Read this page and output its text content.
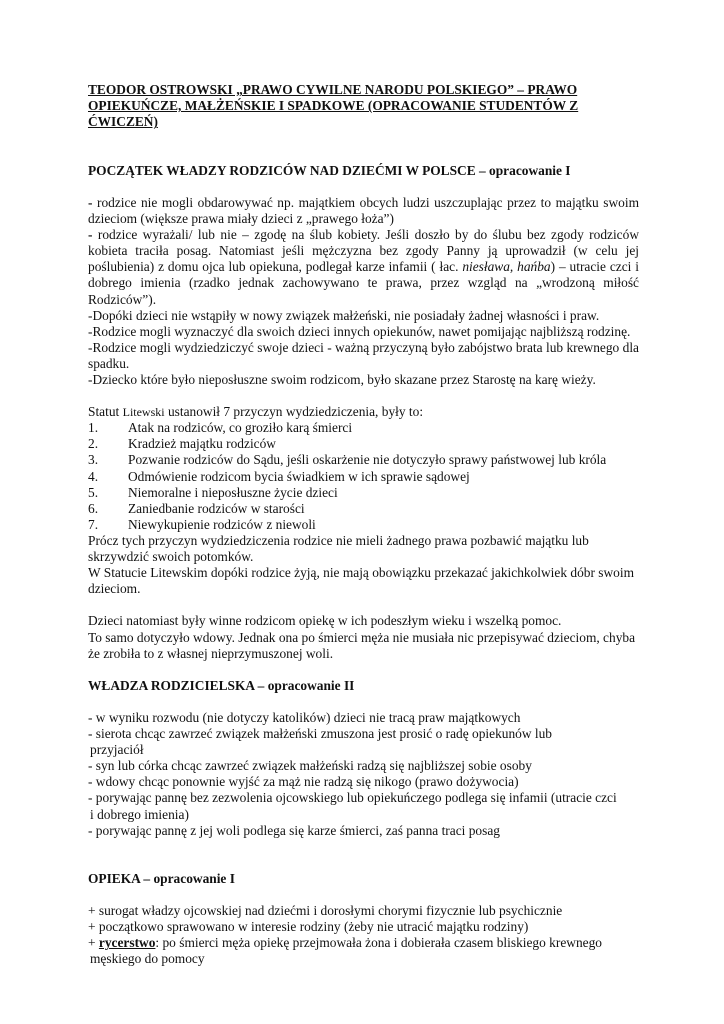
TEODOR OSTROWSKI „PRAWO CYWILNE NARODU POLSKIEGO” – PRAWO OPIEKUŃCZE, MAŁŻEŃSKIE I SPADKOWE (OPRACOWANIE STUDENTÓW Z ĆWICZEŃ)

POCZĄTEK WŁADZY RODZICÓW NAD DZIEĆMI W POLSCE – opracowanie I

- rodzice nie mogli obdarowywać np. majątkiem obcych ludzi uszczuplając przez to majątku swoim dzieciom (większe prawa miały dzieci z „prawego łoża”)

- rodzice wyrażali/ lub nie – zgodę na ślub kobiety. Jeśli doszło by do ślubu bez zgody rodziców kobieta traciła posag. Natomiast jeśli mężczyzna bez zgody Panny ją uprowadził (w celu jej poślubienia) z domu ojca lub opiekuna, podlegał karze infamii ( łac. niesława, hańba) – utracie czci i dobrego imienia (rzadko jednak zachowywano te prawa, przez wzgląd na „wrodzoną miłość Rodziców”).

-Dopóki dzieci nie wstąpiły w nowy związek małżeński, nie posiadały żadnej własności i praw.

-Rodzice mogli wyznaczyć dla swoich dzieci innych opiekunów, nawet pomijając najbliższą rodzinę.

-Rodzice mogli wydziedziczyć swoje dzieci - ważną przyczyną było zabójstwo brata lub krewnego dla spadku.

-Dziecko które było nieposłuszne swoim rodzicom, było skazane przez Starostę na karę wieży.

Statut Litewski ustanowił 7 przyczyn wydziedziczenia, były to:

1.	Atak na rodziców, co groziło karą śmierci
2.	Kradzież majątku rodziców
3.	Pozwanie rodziców do Sądu, jeśli oskarżenie nie dotyczyło sprawy państwowej lub króla
4.	Odmówienie rodzicom bycia świadkiem w ich sprawie sądowej
5.	Niemoralne i nieposłuszne życie dzieci
6.	Zaniedbanie rodziców w starości
7.	Niewykupienie rodziców z niewoli

Prócz tych przyczyn wydziedziczenia rodzice nie mieli żadnego prawa pozbawić majątku lub skrzywdzić swoich potomków.

W Statucie Litewskim dopóki rodzice żyją, nie mają obowiązku przekazać jakichkolwiek dóbr swoim dzieciom.

Dzieci natomiast były winne rodzicom opiekę w ich podeszłym wieku i wszelką pomoc.

To samo dotyczyło wdowy. Jednak ona po śmierci męża nie musiała nic przepisywać dzieciom, chyba że zrobiła to z własnej nieprzymuszonej woli.

WŁADZA RODZICIELSKA – opracowanie II

- w wyniku rozwodu (nie dotyczy katolików) dzieci nie tracą praw majątkowych

- sierota chcąc zawrzeć związek małżeński zmuszona jest prosić o radę opiekunów lub

przyjaciół

- syn lub córka chcąc zawrzeć związek małżeński radzą się najbliższej sobie osoby

- wdowy chcąc ponownie wyjść za mąż nie radzą się nikogo (prawo dożywocia)

- porywając pannę bez zezwolenia ojcowskiego lub opiekuńczego podlega się infamii (utracie czci

i dobrego imienia)

- porywając pannę z jej woli podlega się karze śmierci, zaś panna traci posag

OPIEKA – opracowanie I

+ surogat władzy ojcowskiej nad dziećmi i dorosłymi chorymi fizycznie lub psychicznie

+ początkowo sprawowano w interesie rodziny (żeby nie utracić majątku rodziny)

+ rycerstwo: po śmierci męża opiekę przejmowała żona i dobierała czasem bliskiego krewnego

męskiego do pomocy
